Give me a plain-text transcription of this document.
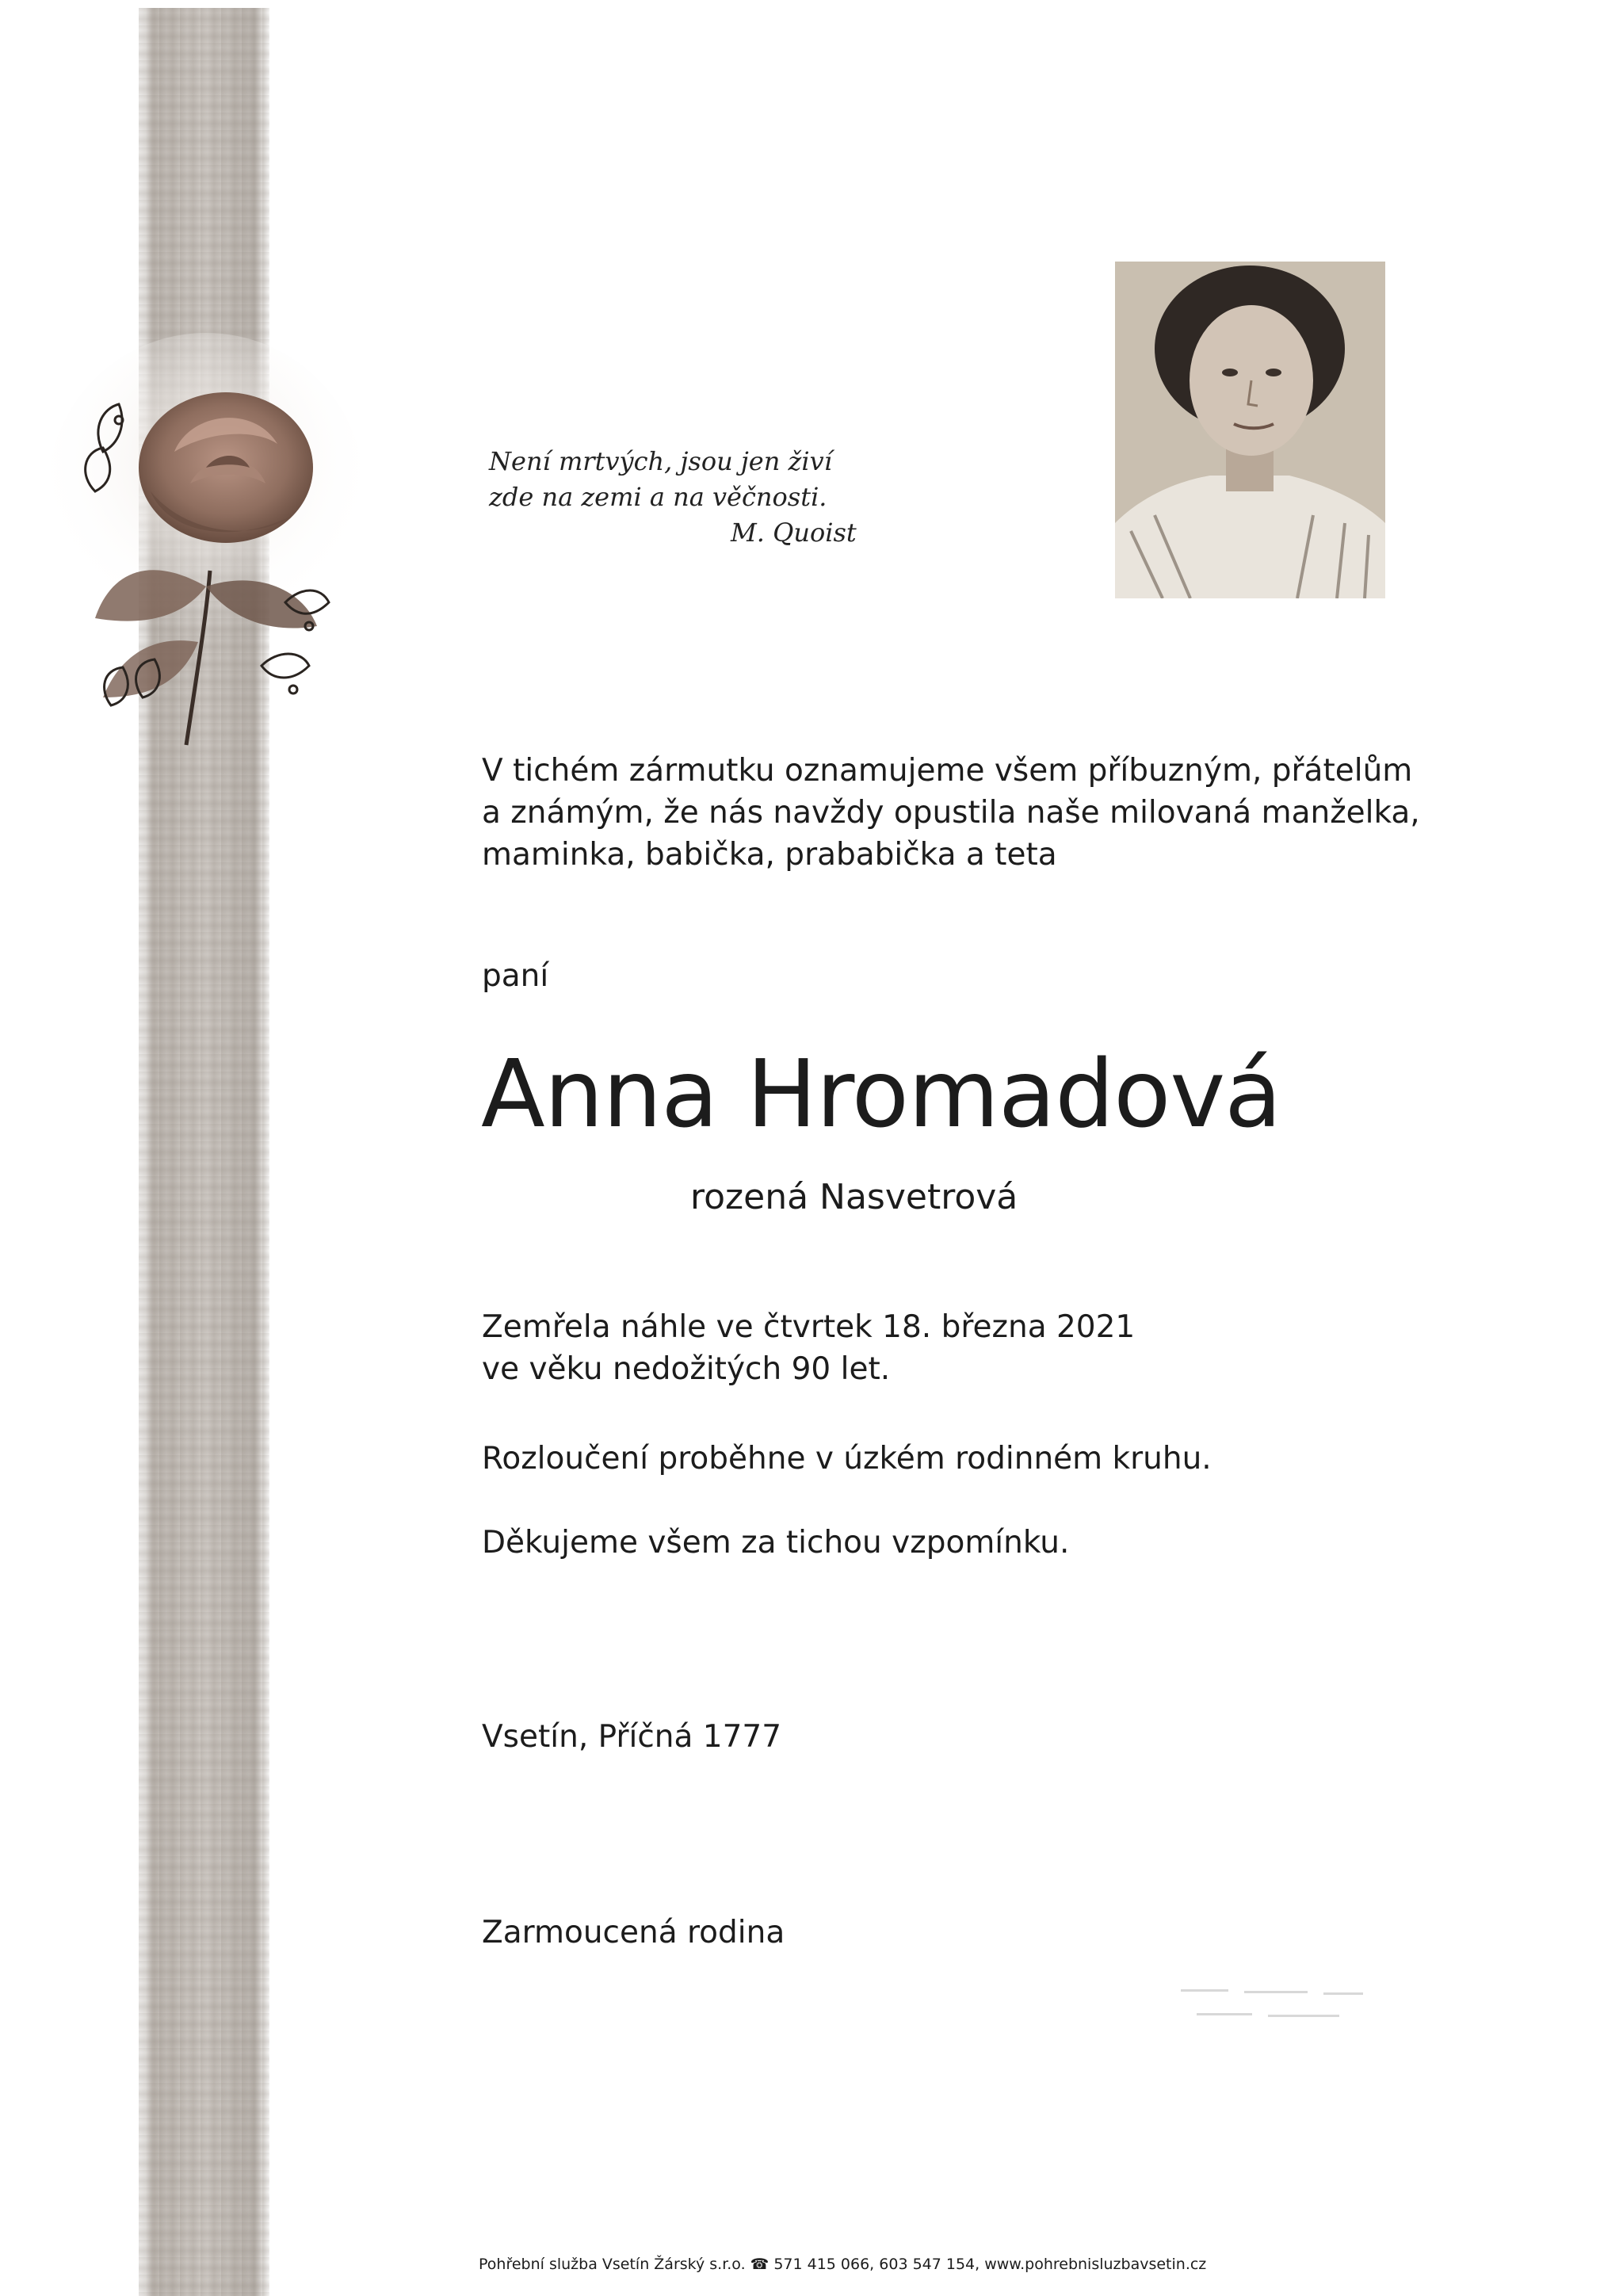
Není mrtvých, jsou jen živí
zde na zemi a na věčnosti.
M. Quoist
V tichém zármutku oznamujeme všem příbuzným, přátelům
a známým, že nás navždy opustila naše milovaná manželka,
maminka, babička, prababička a teta
paní
Anna Hromadová
rozená Nasvetrová
Zemřela náhle ve čtvrtek 18. března 2021
ve věku nedožitých 90 let.
Rozloučení proběhne v úzkém rodinném kruhu.
Děkujeme všem za tichou vzpomínku.
Vsetín, Příčná 1777
Zarmoucená rodina
Pohřební služba Vsetín Žárský s.r.o. ☎ 571 415 066, 603 547 154, www.pohrebnisluzbavsetin.cz
